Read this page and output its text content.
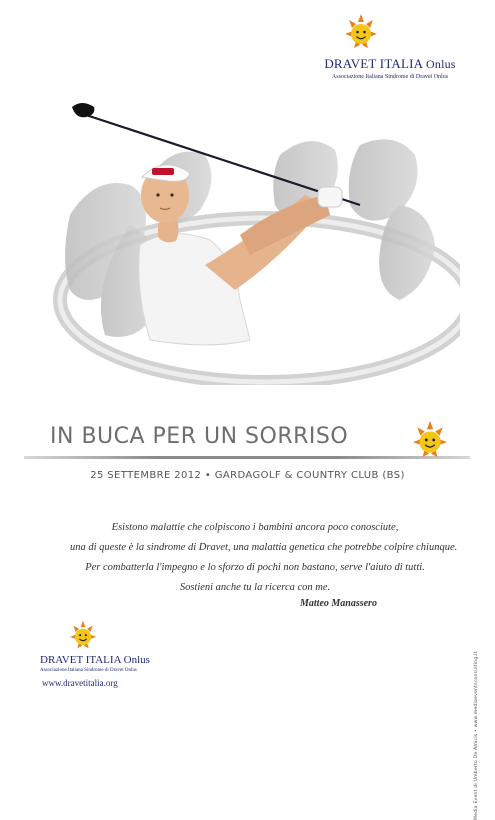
DRAVET ITALIA Onlus
Associazione Italiana Sindrome di Dravet Onlus
IN BUCA PER UN SORRISO
25 SETTEMBRE 2012 • GARDAGOLF & COUNTRY CLUB (BS)

Esistono malattie che colpiscono i bambini ancora poco conosciute,

una di queste è la sindrome di Dravet, una malattia genetica che potrebbe colpire chiunque.

Per combatterla l'impegno e lo sforzo di pochi non bastano, serve l'aiuto di tutti.

Sostieni anche tu la ricerca con me.

Matteo Manassero
Media Event di Umberto De Amicis • www.mediaeventsconsulting.it
DRAVET ITALIA Onlus
Associazione Italiana Sindrome di Dravet Onlus
www.dravetitalia.org
